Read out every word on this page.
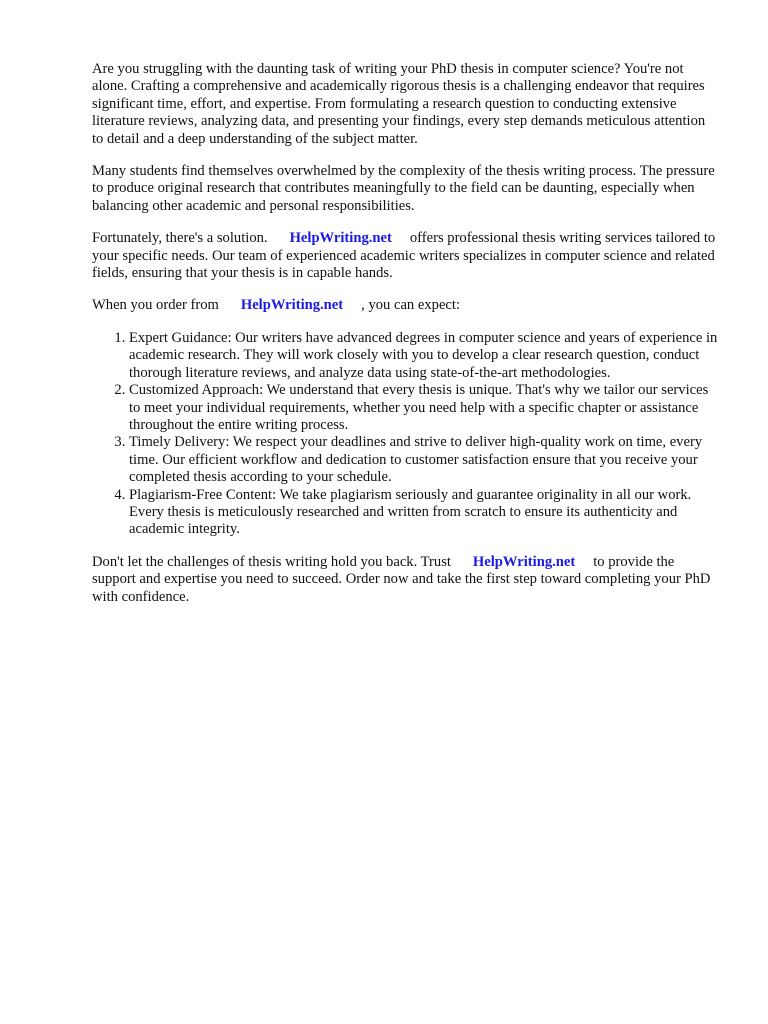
Are you struggling with the daunting task of writing your PhD thesis in computer science? You're not alone. Crafting a comprehensive and academically rigorous thesis is a challenging endeavor that requires significant time, effort, and expertise. From formulating a research question to conducting extensive literature reviews, analyzing data, and presenting your findings, every step demands meticulous attention to detail and a deep understanding of the subject matter.

Many students find themselves overwhelmed by the complexity of the thesis writing process. The pressure to produce original research that contributes meaningfully to the field can be daunting, especially when balancing other academic and personal responsibilities.

Fortunately, there's a solution. HelpWriting.net offers professional thesis writing services tailored to your specific needs. Our team of experienced academic writers specializes in computer science and related fields, ensuring that your thesis is in capable hands.

When you order from HelpWriting.net , you can expect:

1. Expert Guidance: Our writers have advanced degrees in computer science and years of experience in academic research. They will work closely with you to develop a clear research question, conduct thorough literature reviews, and analyze data using state-of-the-art methodologies.
2. Customized Approach: We understand that every thesis is unique. That's why we tailor our services to meet your individual requirements, whether you need help with a specific chapter or assistance throughout the entire writing process.
3. Timely Delivery: We respect your deadlines and strive to deliver high-quality work on time, every time. Our efficient workflow and dedication to customer satisfaction ensure that you receive your completed thesis according to your schedule.
4. Plagiarism-Free Content: We take plagiarism seriously and guarantee originality in all our work. Every thesis is meticulously researched and written from scratch to ensure its authenticity and academic integrity.

Don't let the challenges of thesis writing hold you back. Trust HelpWriting.net to provide the support and expertise you need to succeed. Order now and take the first step toward completing your PhD with confidence.
